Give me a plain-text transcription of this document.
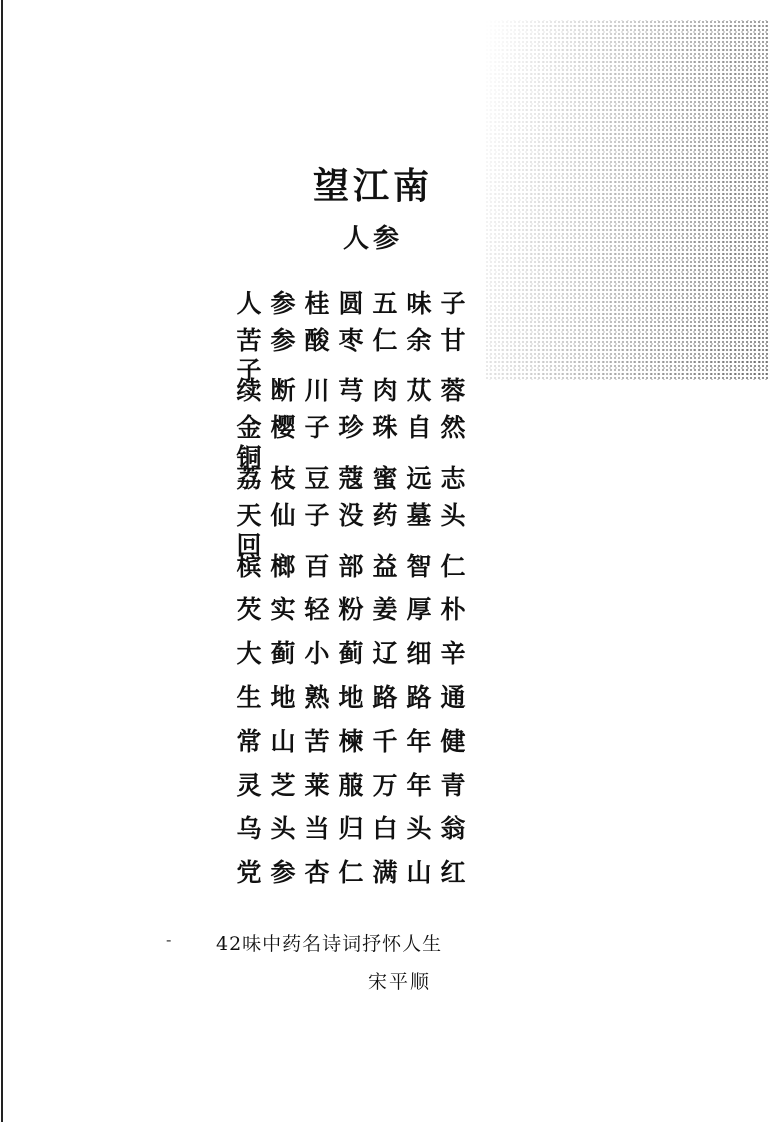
望江南
人参
人 参 桂 圆 五 味 子
苦 参 酸 枣 仁 余 甘
子
续 断 川 芎 肉 苁 蓉
金 樱 子 珍 珠 自 然
铜
荔 枝 豆 蔻 蜜 远 志
天 仙 子 没 药 墓 头
回
槟 榔 百 部 益 智 仁
芡 实 轻 粉 姜 厚 朴
大 蓟 小 蓟 辽 细 辛
生 地 熟 地 路 路 通
常 山 苦 楝 千 年 健
灵 芝 莱 菔 万 年 青
乌 头 当 归 白 头 翁
党 参 杏 仁 满 山 红
- 42味中药名诗词抒怀人生
宋平顺
